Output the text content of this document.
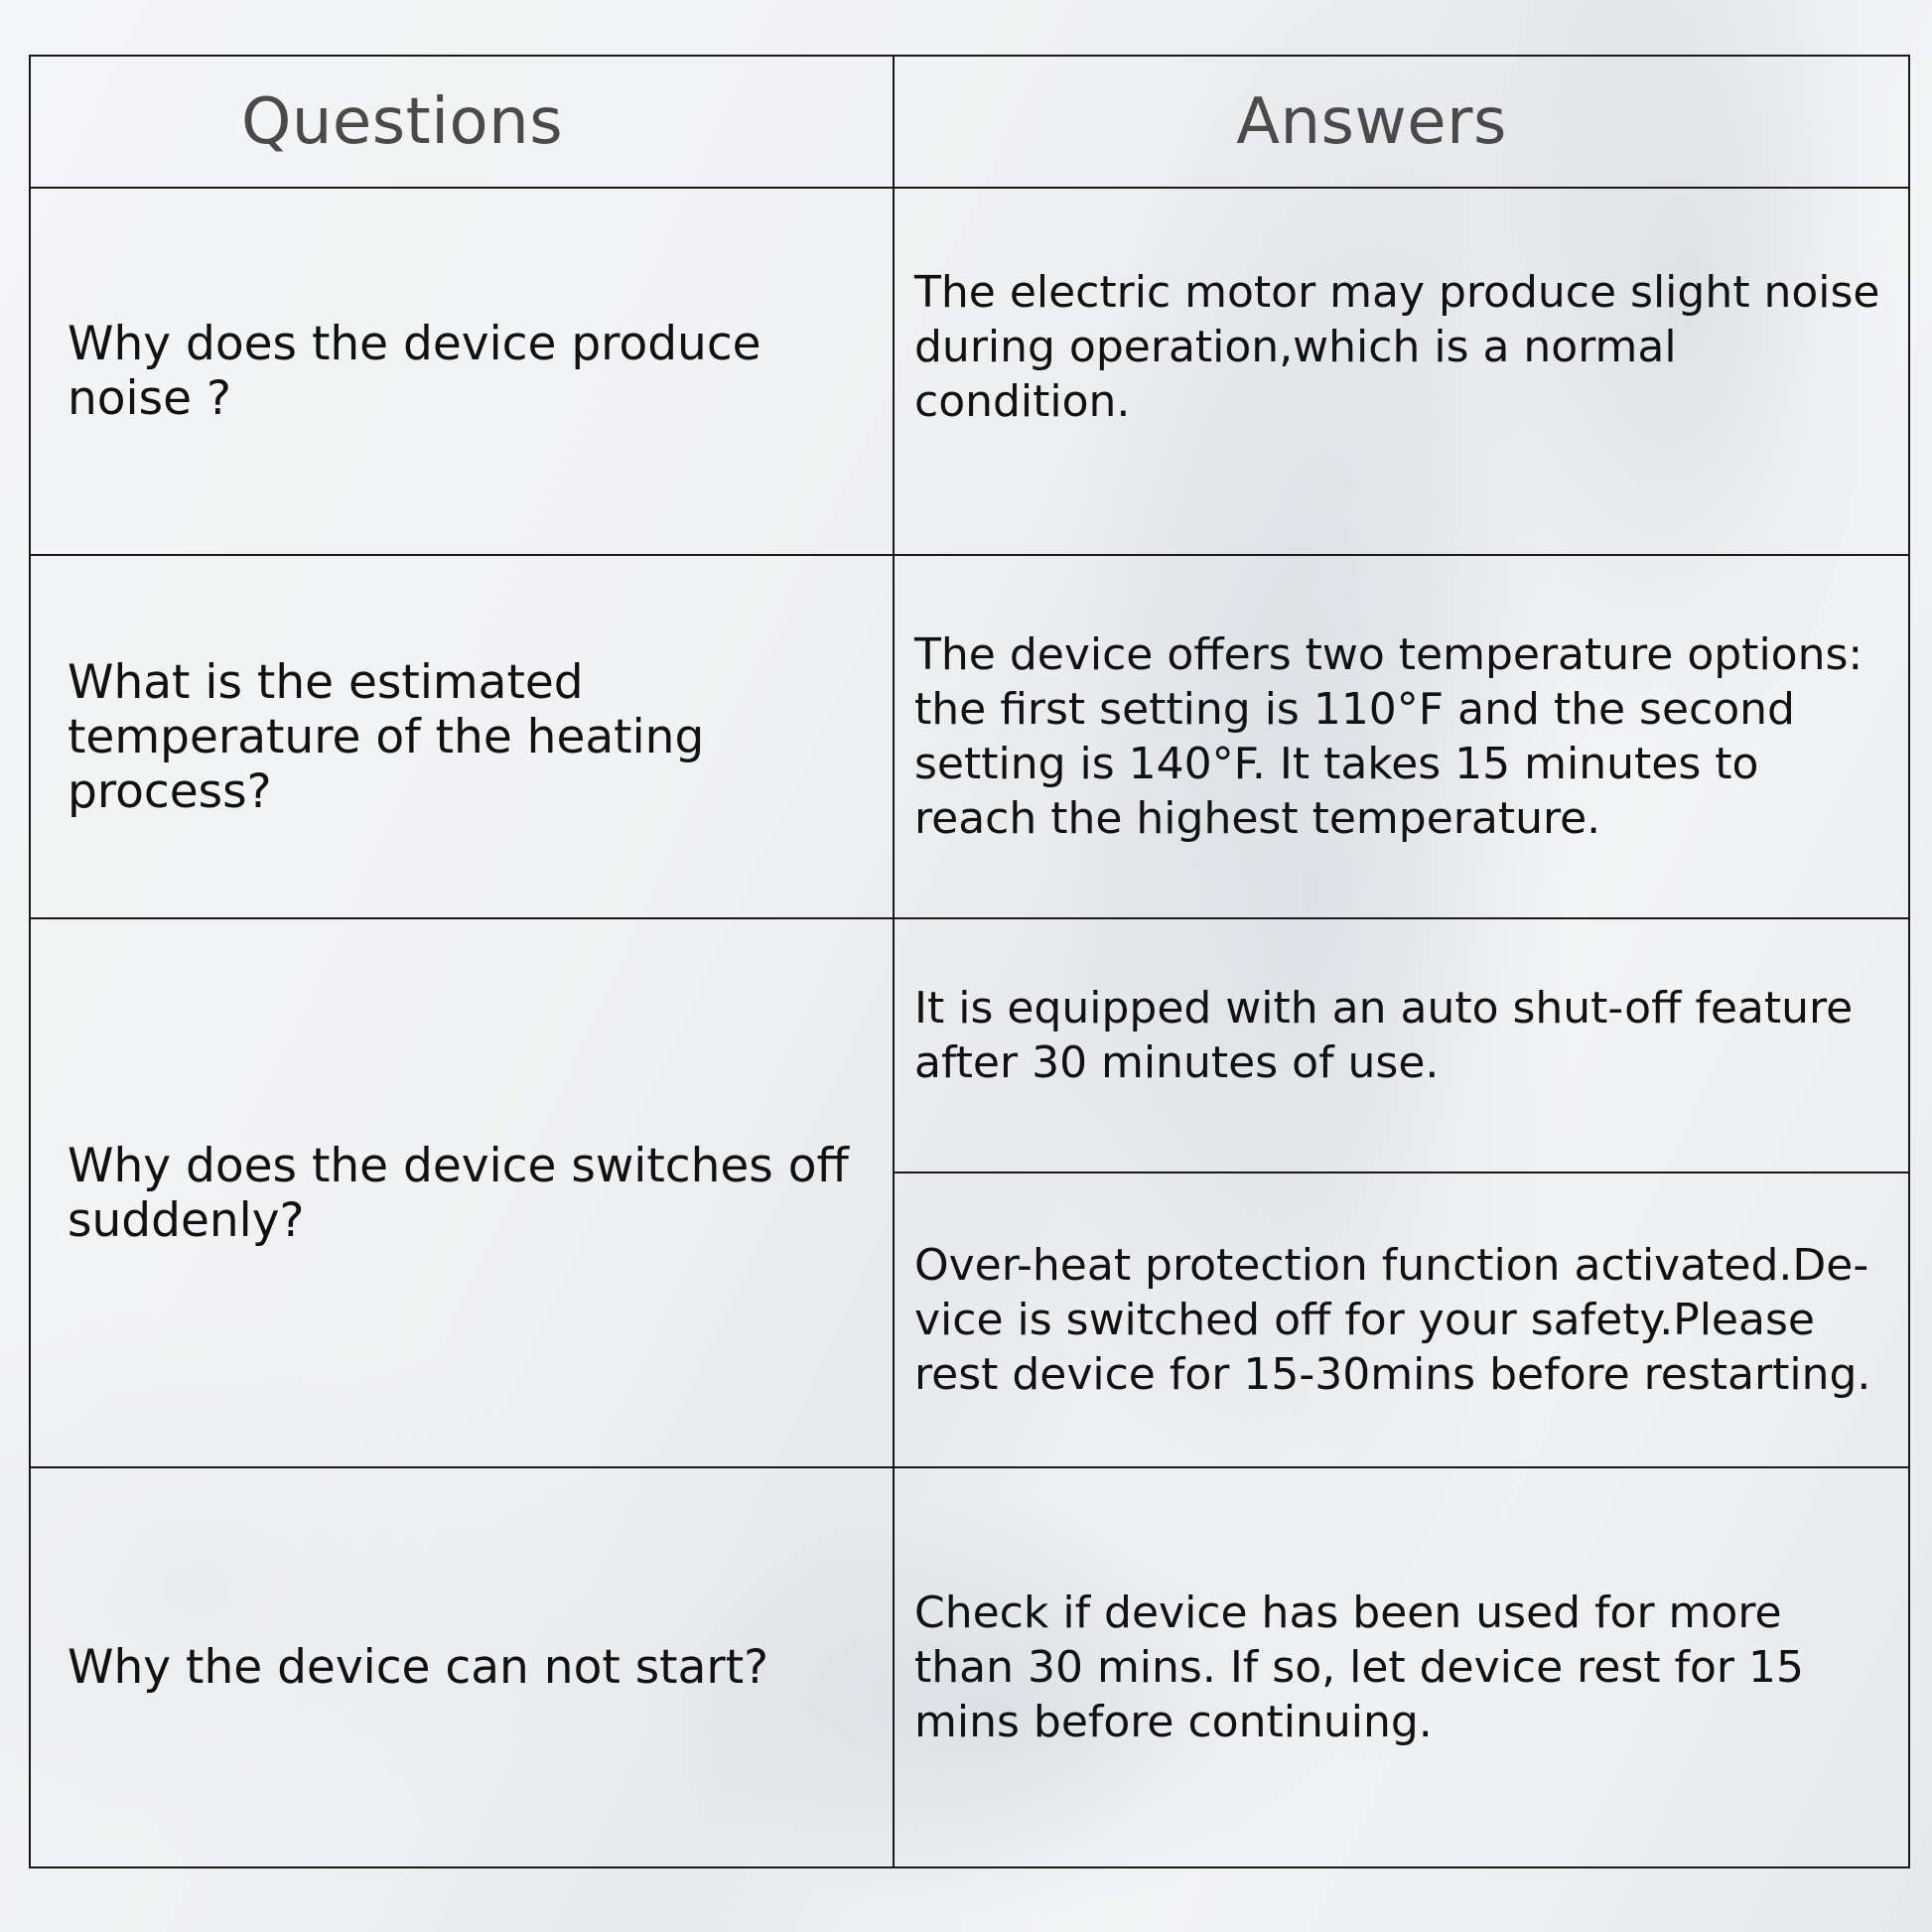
Questions	Answers
Why does the device produce noise ?	The electric motor may produce slight noise during operation,which is a normal condition.
What is the estimated temperature of the heating process?	The device offers two temperature options: the first setting is 110°F and the second setting is 140°F. It takes 15 minutes to reach the highest temperature.
Why does the device switches off suddenly?	It is equipped with an auto shut-off feature after 30 minutes of use.
	Over-heat protection function activated.De-vice is switched off for your safety.Please rest device for 15-30mins before restarting.
Why the device can not start?	Check if device has been used for more than 30 mins. If so, let device rest for 15 mins before continuing.
